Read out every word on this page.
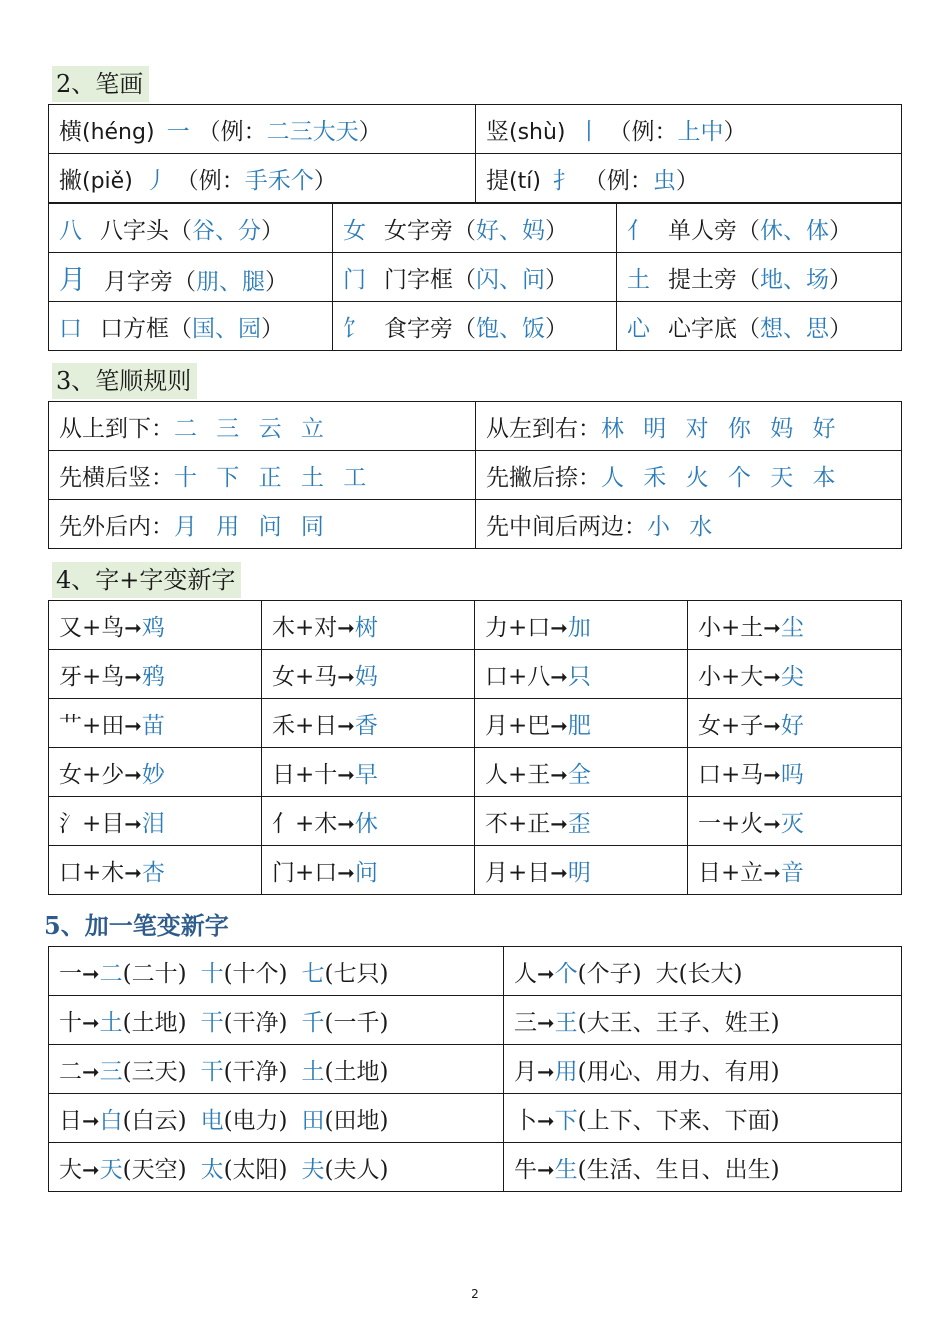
2、笔画
横(héng) 一 （例：二三大天）	竖(shù) 丨 （例：上中）
撇(piě) 丿 （例：手禾个）	提(tí) 扌 （例：虫）
八 八字头（谷、分）	女 女字旁（好、妈）	亻 单人旁（休、体）
月 月字旁（朋、腿）	门 门字框（闪、问）	土 提土旁（地、场）
口 口方框（国、园）	饣 食字旁（饱、饭）	心 心字底（想、思）
3、笔顺规则
从上到下：二 三 云 立	从左到右：林 明 对 你 妈 好
先横后竖：十 下 正 土 工	先撇后捺：人 禾 火 个 天 本
先外后内：月 用 问 同	先中间后两边：小 水
4、字+字变新字
又+鸟➞鸡	木+对➞树	力+口➞加	小+土➞尘
牙+鸟➞鸦	女+马➞妈	口+八➞只	小+大➞尖
艹+田➞苗	禾+日➞香	月+巴➞肥	女+子➞好
女+少➞妙	日+十➞早	人+王➞全	口+马➞吗
氵+目➞泪	亻+木➞休	不+正➞歪	一+火➞灭
口+木➞杏	门+口➞问	月+日➞明	日+立➞音
5、加一笔变新字
一➞二(二十) 十(十个) 七(七只)	人➞个(个子) 大(长大)
十➞土(土地) 干(干净) 千(一千)	三➞王(大王、王子、姓王)
二➞三(三天) 干(干净) 土(土地)	月➞用(用心、用力、有用)
日➞白(白云) 电(电力) 田(田地)	卜➞下(上下、下来、下面)
大➞天(天空) 太(太阳) 夫(夫人)	牛➞生(生活、生日、出生)
2
